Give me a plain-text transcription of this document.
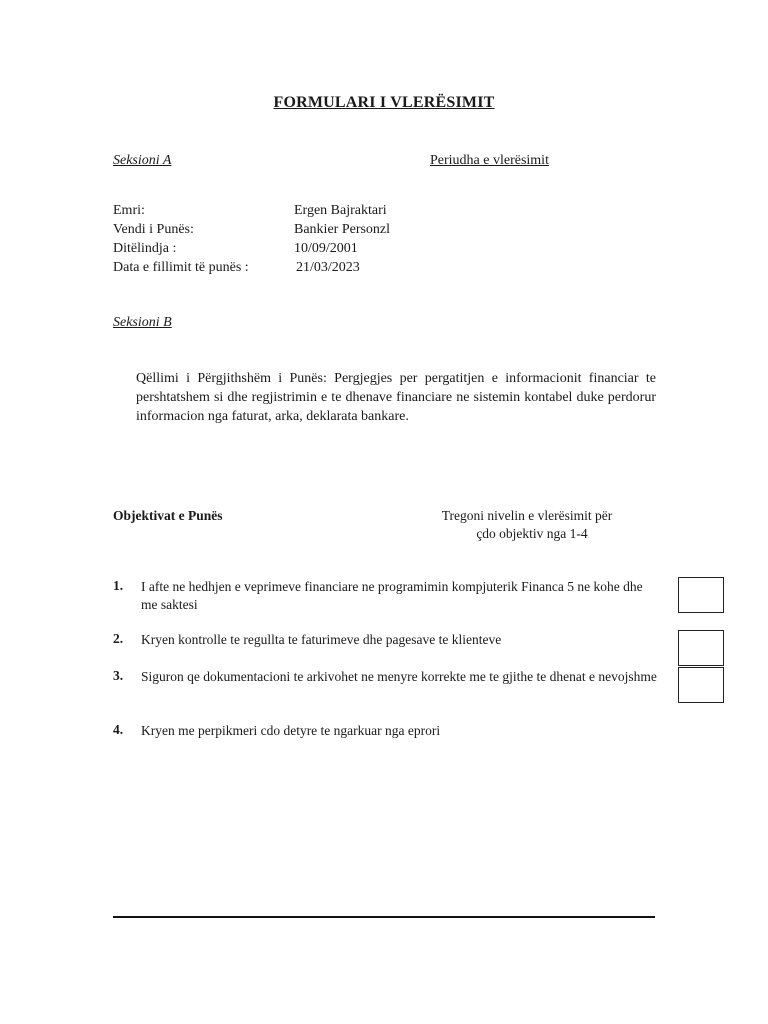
FORMULARI I VLERËSIMIT
Seksioni A	Periudha e vlerësimit
Emri:	Ergen Bajraktari
Vendi i Punës:	Bankier Personzl
Ditëlindja :	10/09/2001
Data e fillimit të punës :	21/03/2023
Seksioni B
Qëllimi i Përgjithshëm i Punës: Pergjegjes per pergatitjen e informacionit financiar te pershtatshem si dhe regjistrimin e te dhenave financiare ne sistemin kontabel duke perdorur informacion nga faturat, arka, deklarata bankare.
Objektivat e Punës	Tregoni nivelin e vlerësimit për
çdo objektiv nga 1-4
1. I afte ne hedhjen e veprimeve financiare ne programimin kompjuterik Financa 5 ne kohe dhe me saktesi
2. Kryen kontrolle te regullta te faturimeve dhe pagesave te klienteve
3. Siguron qe dokumentacioni te arkivohet ne menyre korrekte me te gjithe te dhenat e nevojshme
4. Kryen me perpikmeri cdo detyre te ngarkuar nga eprori
